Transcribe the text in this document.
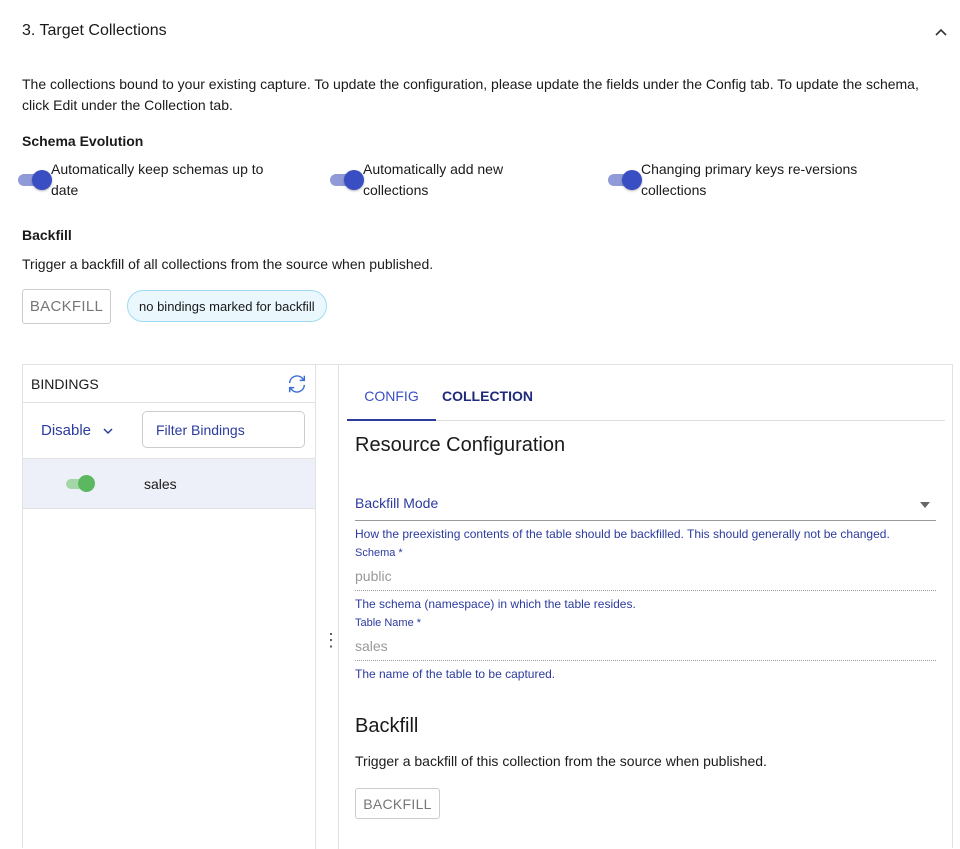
3. Target Collections
The collections bound to your existing capture. To update the configuration, please update the fields under the Config tab. To update the schema, click Edit under the Collection tab.
Schema Evolution
Automatically keep schemas up to date
Automatically add new collections
Changing primary keys re-versions collections
Backfill
Trigger a backfill of all collections from the source when published.
BACKFILL	no bindings marked for backfill
BINDINGS
Disable	Filter Bindings
sales
⋮
CONFIG	COLLECTION
Resource Configuration
Backfill Mode
How the preexisting contents of the table should be backfilled. This should generally not be changed.
Schema *
public
The schema (namespace) in which the table resides.
Table Name *
sales
The name of the table to be captured.
Backfill
Trigger a backfill of this collection from the source when published.
BACKFILL
